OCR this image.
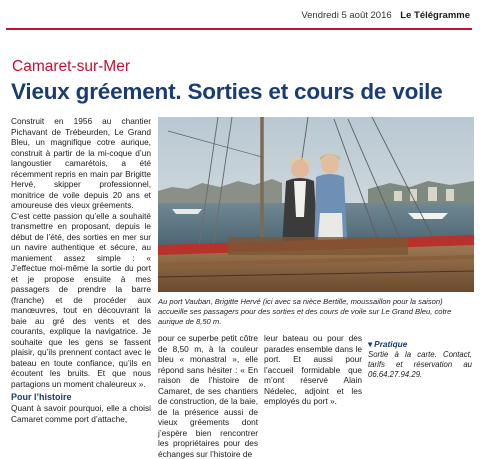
Vendredi 5 août 2016 Le Télégramme
Camaret-sur-Mer
Vieux gréement. Sorties et cours de voile

Construit en 1956 au chantier Pichavant de Trébeurden, Le Grand Bleu, un magnifique cotre aurique, construit à partir de la mi-coque d’un langoustier camarétois, a été récemment repris en main par Brigitte Hervé, skipper professionnel, monitrice de voile depuis 20 ans et amoureuse des vieux gréements.

C’est cette passion qu’elle a souhaité transmettre en proposant, depuis le début de l’été, des sorties en mer sur un navire authentique et sécure, au maniement assez simple : « J’effectue moi-même la sortie du port et je propose ensuite à mes passagers de prendre la barre (franche) et de procéder aux manœuvres, tout en découvrant la baie au gré des vents et des courants, explique la navigatrice. Je souhaite que les gens se fassent plaisir, qu’ils prennent contact avec le bateau en toute confiance, qu’ils en écoutent les bruits. Et que nous partagions un moment chaleureux ».

Pour l’histoire

Quant à savoir pourquoi, elle a choisi Camaret comme port d’attache,

Au port Vauban, Brigitte Hervé (ici avec sa nièce Bertille, moussaillon pour la saison) accueille ses passagers pour des sorties et des cours de voile sur Le Grand Bleu, cotre aurique de 8,50 m.
pour ce superbe petit côtre de 8,50 m, à la couleur bleu « monastral », elle répond sans hésiter : « En raison de l’histoire de Camaret, de ses chantiers de construction, de la baie, de la présence aussi de vieux gréements dont j’espère bien rencontrer les propriétaires pour des échanges sur l’histoire de
leur bateau ou pour des parades ensemble dans le port. Et aussi pour l’accueil formidable que m’ont réservé Alain Nédelec, adjoint et les employés du port ».
▾ Pratique
Sortie à la carte. Contact, tarifs et réservation au 06.64.27.94.29.
